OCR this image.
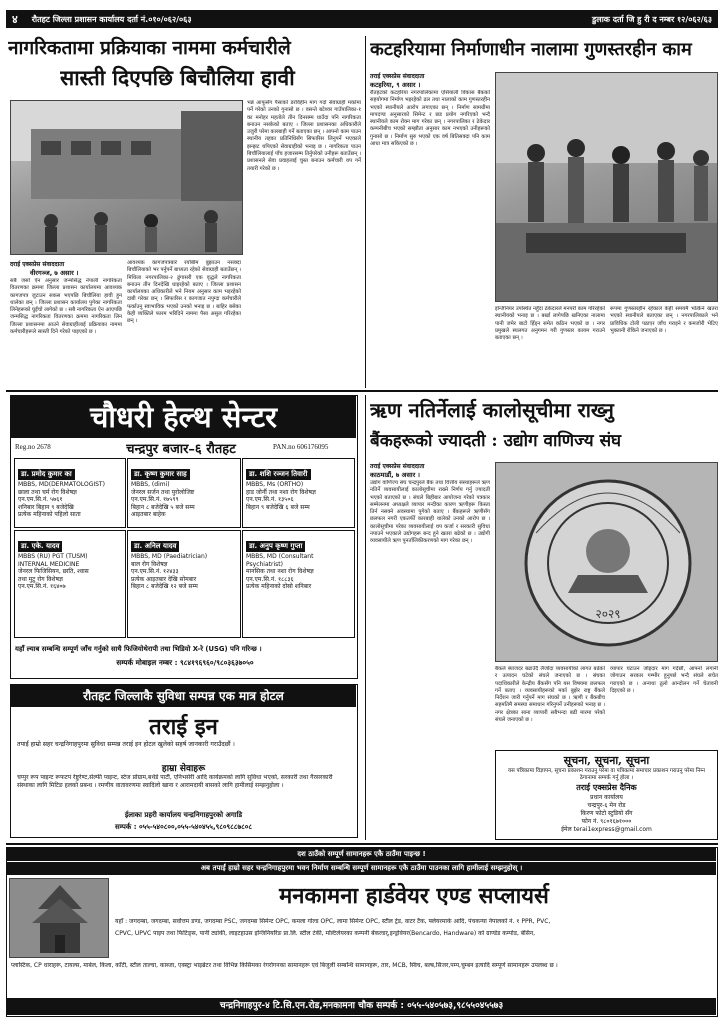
४ रौतहट जिल्ला प्रशासन कार्यालय दर्ता नं.०१०/०६२/०६३	डुलाक दर्ता जि हु री द नम्बर १२/०६२/६३
नागरिकतामा प्रक्रियाका नाममा कर्मचारीले
सास्ती दिएपछि बिचौलिया हावी
दराई एक्सप्रेस संवाददाता
वीरगञ्ज, ७ असार ।
सबै जसो ऐन अनुसार जन्मसिद्ध नेपाली नागरिकता वितरणका क्रममा जिल्ला प्रशासन कार्यालयमा आवश्यक कागजपत्र जुटाउन सकस भएपछि बिचौलिया हावी हुन थालेका छन् । जिल्ला प्रशासन कार्यालय पुगेका नागरिकता लिनेहरूको घुईंचो लागेको छ । सबै नागरिकता ऐन आएपछि जन्मसिद्ध नागरिकता वितरणका क्रममा नागरिकता लिन जिल्ला प्रशासनमा आउने सेवाग्राहीलाई प्रक्रियाका नाममा कर्मचारीहरूले सास्ती दिने गरेको पाइएको छ ।
आवश्यक कागजपत्रबारे रयाँबीम बुझाउन नसक्दा बिचौलियाको भर पर्नुपर्ने बाध्यता रहेको सेवाग्राही बताउँछन् । मिथिला नगरपालिका-२ ढुंगासरी एक वृद्धले नागरिकता बनाउन तीन दिनदेखि धाइरहेको बताए । जिल्ला प्रशासन कार्यालयका अधिकारीले भने नियम अनुसार काम भइरहेको दाबी गरेका छन् । सिफारिस र कागजात नपुग्दा कर्मचारीले फर्काउनु स्वाभाविक भएको उनको भनाइ छ । बाहिर बसेका केही व्यक्तिले फारम भरिदिने नाममा पैसा असुल गरिरहेका छन् ।
भन्ने आफूसँग पैसाको डरविहीन माग गर्दा सेवाग्राही मर्कामा पर्ने गरेको उनको गुनासो छ । वसन्ते बटेश्वर गाउँपालिका-१ का मनोहर महतोले तीन दिनसम्म धाउँदा पनि नागरिकता बनाउन नसकेको बताए । जिल्ला प्रशासनका अधिकारीले उजुरी परेमा कारबाही गर्ने बताएका छन् । आफ्नो काम पाउन स्थानीय तहका प्रतिनिधिसँग सिफारिस लिनुपर्ने भएकाले झन्झट थपिएको सेवाग्राहीको भनाइ छ । नागरिकता पाउन बिचौलियालाई पाँच हजारसम्म तिर्नुपरेको उनीहरू बताउँछन् । प्रशासनले सेवा प्रवाहलाई चुस्त बनाउन कर्मचारी थप गर्ने तयारी गरेको छ ।
कटहरियामा निर्माणाधीन नालामा गुणस्तरहीन काम
तराई एक्सप्रेस संवाददाता
कटहरिया, ९ असार ।
रौतहटको कटहरिया नगरपालिकामा एसियाली विकास बैंकको सहयोगमा निर्माण भइरहेको ढल तथा नालाको काम गुणस्तरहीन भएको स्थानीयले आरोप लगाएका छन् । निर्माण सामग्रीमा मापदण्ड अनुसारको सिमेन्ट र छड प्रयोग नगरिएको भन्दै स्थानीयले काम रोक्न माग गरेका छन् । नगरपालिका र ठेकेदार कम्पनीबीच भएको सम्झौता अनुसार काम नभएको उनीहरूको गुनासो छ । निर्माण सुरु भएको एक वर्ष बितिसक्दा पनि काम आधा मात्र सकिएको छ ।
इन्जिनियर उपस्थित नहुँदा ठेकेदारले मनपरी काम गरिरहेको स्थानीयको भनाइ छ । बर्खा लागेपछि खनिएका नालामा पानी जमेर बाटो हिँड्न समेत कठिन भएको छ । नगर प्रमुखले स्थलगत अनुगमन गरी गुणस्तर कायम गराउने बताएका छन् ।
रूपमा गुणस्तरहीन रहेकाले केही समयमै भत्किने खतरा भएको स्थानीयले बताएका छन् । नगरपालिकाले भने प्राविधिक टोली पठाएर जाँच गराइने र कमजोरी भेटिए भुक्तानी रोकिने जनाएको छ ।
चौधरी हेल्थ सेन्टर
Reg.no 2678	चन्द्रपुर बजार–६ रौतहट	PAN.no 606176095
डा. प्रमोद कुमार का
MBBS, MD(DERMATOLOGIST)
छाला तथा चर्म रोग विशेषज्ञ
एन.एम.सि.नं. ५७६१
शनिबार बिहान ९ बजेदेखि
प्रत्येक महिनाको पहिलो साता
डा. कृष्ण कुमार साह
MBBS, (dimi)
जेनरल सर्जन तथा युरोलोजिष्ट
एन.एम.सि.नं. १७५९९
बिहान ८ बजेदेखि ५ बजे सम्म
आइतबार बाहेक
डा. शशि रञ्जन तिवारी
MBBS, Ms (ORTHO)
हाड जोर्नी तथा नशा रोग विशेषज्ञ
एन.एम.सि.नं. १३५०६
बिहान ९ बजेदेखि ६ बजे सम्म
डा. एके. यादव
MBBS (RU) PGT (TUSM)
INTERNAL MEDICINE
जेनरल फिजिसियन, छाति, श्वास
तथा मुटु रोग विशेषज्ञ
एन.एम.सि.नं. १६४०७
डा. अनिल यादव
MBBS, MD (Paediatrician)
बाल रोग विशेषज्ञ
एन.एम.सि.नं. १२४३३
प्रत्येक आइतबार देखि सोमबार
बिहान ८ बजेदेखि १२ बजे सम्म
डा. अनुप कृष्ण गुप्ता
MBBS, MD (Consultant
Psychiatrist)
मानसिक तथा नशा रोग विशेषज्ञ
एन.एम.सि.नं. १८८३६
प्रत्येक महिनाको दोस्रो शनिबार
यहाँ ल्याब सम्बन्धि सम्पूर्ण जाँच गर्नुको साथै फिजियोथेरापी तथा भिडियो X-रे (USG) पनि गरिन्छ ।
सम्पर्क मोबाइल नम्बर : ९८४१९६९६०/९८०३६३७०५०
ऋण नतिर्नेलाई कालोसूचीमा राख्नु
बैंकहरूको ज्यादती : उद्योग वाणिज्य संघ
तराई एक्सप्रेस संवाददाता
काठमाडौं, ७ असार ।
उद्योग वाणिज्य संघ चन्द्रपुरले बैंक तथा वित्तीय संस्थाहरूले ऋण नतिर्ने व्यवसायीलाई कालोसूचीमा राख्ने निर्णय गर्नु ज्यादती भएको बताएको छ । संघले बिहीबार आयोजना गरेको पत्रकार सम्मेलनमा अध्यक्षले व्यापार मन्दीका कारण ऋणीहरू किस्ता तिर्न नसक्ने अवस्थामा पुगेको बताए । बैंकहरूले ऋणीसँग छलफल नगरी एकतर्फी कारबाही थालेको उनको आरोप छ । कालोसूचीमा परेका व्यवसायीलाई थप कर्जा र सरकारी सुविधा नपाउने भएकाले उद्योगहरू बन्द हुने खतरा बढेको छ । उद्योगी व्यवसायीले ऋण पुनर्तालिकीकरणको माग गरेका छन् ।
२०२९
बैंकले ब्याजदर बढाउँदै लैजाँदा व्यवसायीको लागत बढेको र उत्पादन घटेको संघले जनाएको छ । संघका पदाधिकारीले केन्द्रीय बैंकसँग पनि यस विषयमा छलफल गर्ने बताए । व्यवसायीहरूको मर्का बुझेर राष्ट्र बैंकले निर्देशन जारी गर्नुपर्ने माग संघको छ । ऋणी र बैंकबीच सहमतिमै समस्या समाधान गरिनुपर्ने उनीहरूको भनाइ छ । नगर क्षेत्रका साना व्यापारी सबैभन्दा बढी मारमा परेको संघले जनाएको छ ।
व्यापार घटाउन जोइदार माग गर्दछौं, आफ्नो लगानी जोगाउन सरकार गम्भीर हुनुपर्छ भन्दै संघले सचेत गराएको छ । अन्यथा ठूलो आन्दोलन गर्ने चेतावनी दिइएको छ ।
सूचना, सूचना, सूचना
यस पत्रिकामा विज्ञापन, सूचना प्रकाशन गराउनु परेमा वा पत्रिकामा समाचार प्रकाशन गराउनु परेमा निम्न ठेगानामा सम्पर्क गर्नु होला ।
तराई एक्सप्रेस दैनिक
प्रधान कार्यालय
चन्द्रपुर-६ मेन रोड
किरण फोटो स्टुडियो सँग
फोन नं. ९८०१६७१०००
ईमेल terai1express@gmail.com
रौतहट जिल्लाकै सुविधा सम्पन्न एक मात्र होटल
तराई इन
तपाईं हाम्रो सहर चन्द्रनिगाहपुरमा सुविधा सम्पन्न तराई इन होटल खुलेको सहर्ष जानकारी गराउँदछौं ।
हाम्रा सेवाहरू
चप्पुर रूप प्वइन्ट रूफटप रेष्टुरेण्ट,सेल्फी प्वइन्ट, स्टेज प्रोग्राम,बर्थडे पार्टी, एनिभर्सरी आदि कार्यक्रमको लागि सुविधा भएको, सरकारी तथा गैरसरकारी संस्थाका लागि मिटिङ हलको प्रबन्ध । रमणीय वातावरणमा स्वादिलो खाना र आरामदायी बासको लागि हामीलाई सम्झनुहोला ।
ईलाका प्रहरी कार्यालय चन्द्रनिगाहपुरको अगाडि
सम्पर्क : ०५५-५४०८००,०५५-५४०४५५,९८०९८८७८०८
दश ठाउँको सम्पूर्ण सामानहरू एकै ठाउँमा पाइन्छ !
अब तपाईं हाम्रो सहर चन्द्रनिगाहपुरमा भवन निर्माण सम्बन्धि सम्पूर्ण सामानहरू एकै ठाउँमा पाउनका लागि हामीलाई सम्झनुहोस् ।
मनकामना हार्डवेयर एण्ड सप्लायर्स
यहाँ : जगदम्बा, जगदम्बा, सर्वोत्तम डण्ड, जगदम्बा PSC, जगदम्बा सिमेन्ट OPC, कमला गोल्ड OPC, लामा सिमेन्ट OPC, स्टील ट्रेड, वाटर टैंक, फ्लेयरमार्क आदि, पंचकन्या नेपालको नं. १ PPR, PVC,
CPVC, UPVC पाइप तथा फिटिङ्स, पानी ट्यांकी, लाइटहाउस इन्जिनियरिङ प्रा.लि. स्टील टंकी, मल्टिलेयरका कम्पनी बेंकल्डर्,इन्ड्रोवेयर(Bencardo, Handware) को ग्राण्डेड कम्पोड, बेसिन,
प्लास्टिक, CP धाराहरू, टायल्स, मार्बल, किला, काँटी, स्टील ताल्चा, काब्जा, एक्स्ट्रा भाइब्रेटर तथा विभिन्न किसिमका रंगरोगनका सामानहरू एवं बिजुली सम्बन्धि सामानहरू, तार, MCB, स्विच, बल्ब,सिजर,पम्प,चुम्बन इत्यादि सम्पूर्ण सामानहरू उपलब्ध छ ।
चन्द्रनिगाहपुर-४ टि.सि.एन.रोड,मनकामना चौक सम्पर्क : ०५५-५४०५७३,९८५५०४५५७३
